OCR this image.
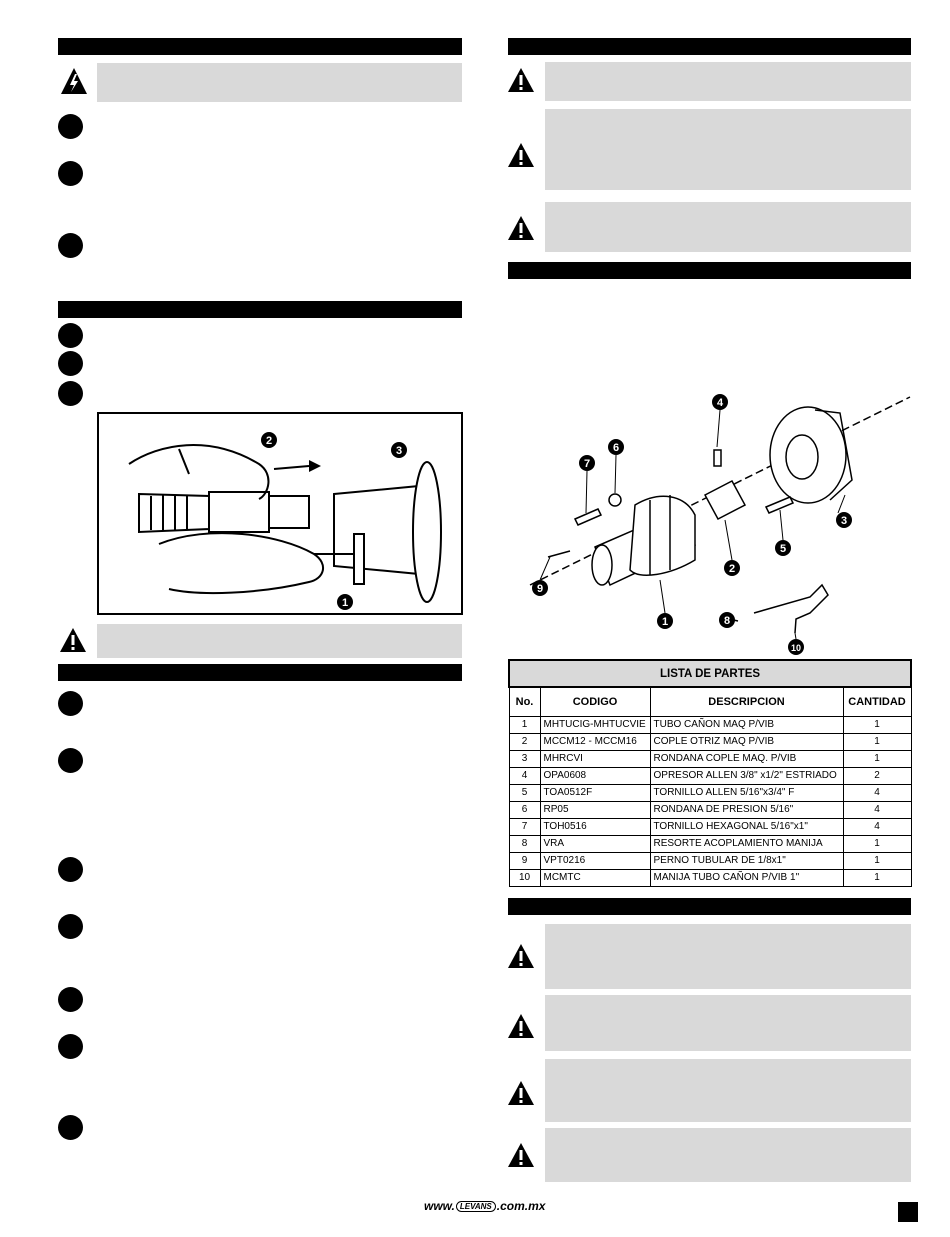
2
3
1
1
2
3
4
5
6
7
8
9
10
LISTA DE PARTES			
No.	CODIGO	DESCRIPCION	CANTIDAD
1	MHTUCIG-MHTUCVIE	TUBO CAÑON MAQ P/VIB	1
2	MCCM12 - MCCM16	COPLE OTRIZ MAQ P/VIB	1
3	MHRCVI	RONDANA COPLE MAQ. P/VIB	1
4	OPA0608	OPRESOR ALLEN 3/8" x1/2" ESTRIADO	2
5	TOA0512F	TORNILLO ALLEN 5/16"x3/4" F	4
6	RP05	RONDANA DE PRESION 5/16"	4
7	TOH0516	TORNILLO HEXAGONAL 5/16"x1"	4
8	VRA	RESORTE ACOPLAMIENTO MANIJA	1
9	VPT0216	PERNO TUBULAR DE 1/8x1"	1
10	MCMTC	MANIJA TUBO CAÑON P/VIB 1"	1
www. LEVANS .com.mx
